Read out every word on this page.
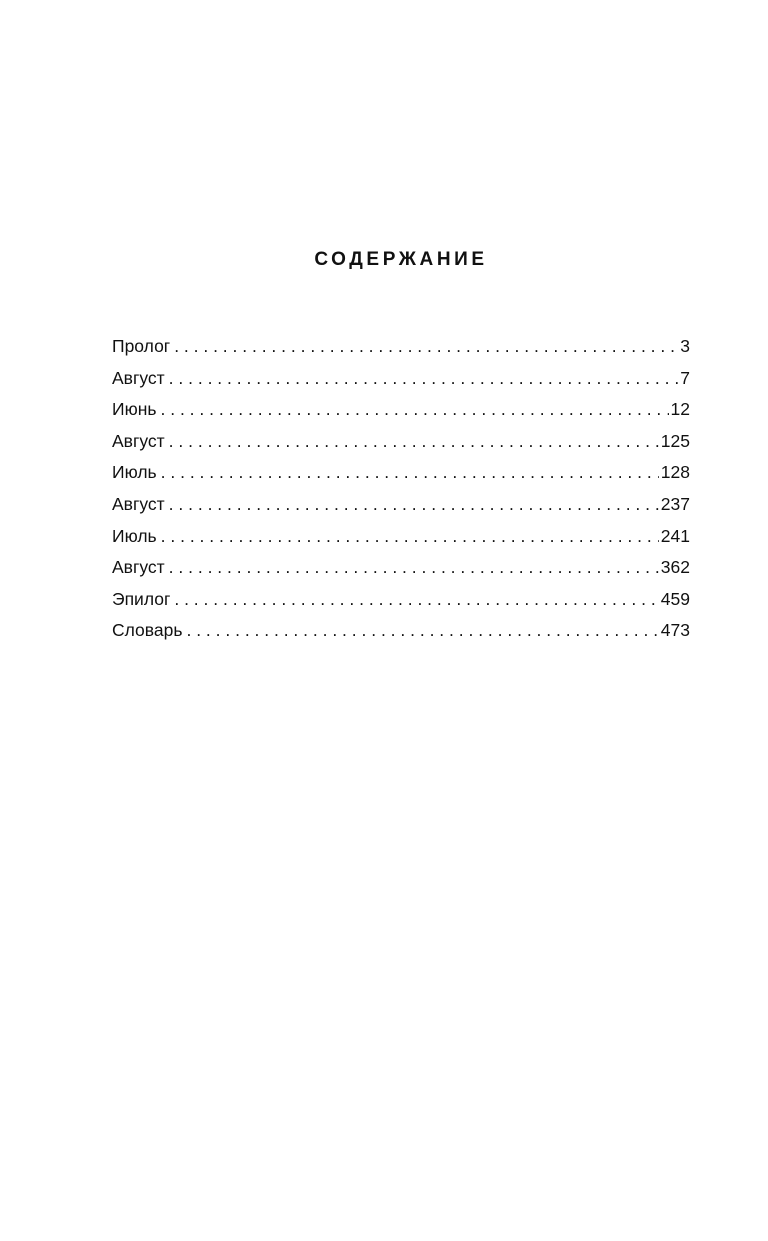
СОДЕРЖАНИЕ
Пролог . . .	3
Август . . .	7
Июнь . . .	12
Август . . .	125
Июль . . .	128
Август . . .	237
Июль . . .	241
Август . . .	362
Эпилог . . .	459
Словарь . . .	473
